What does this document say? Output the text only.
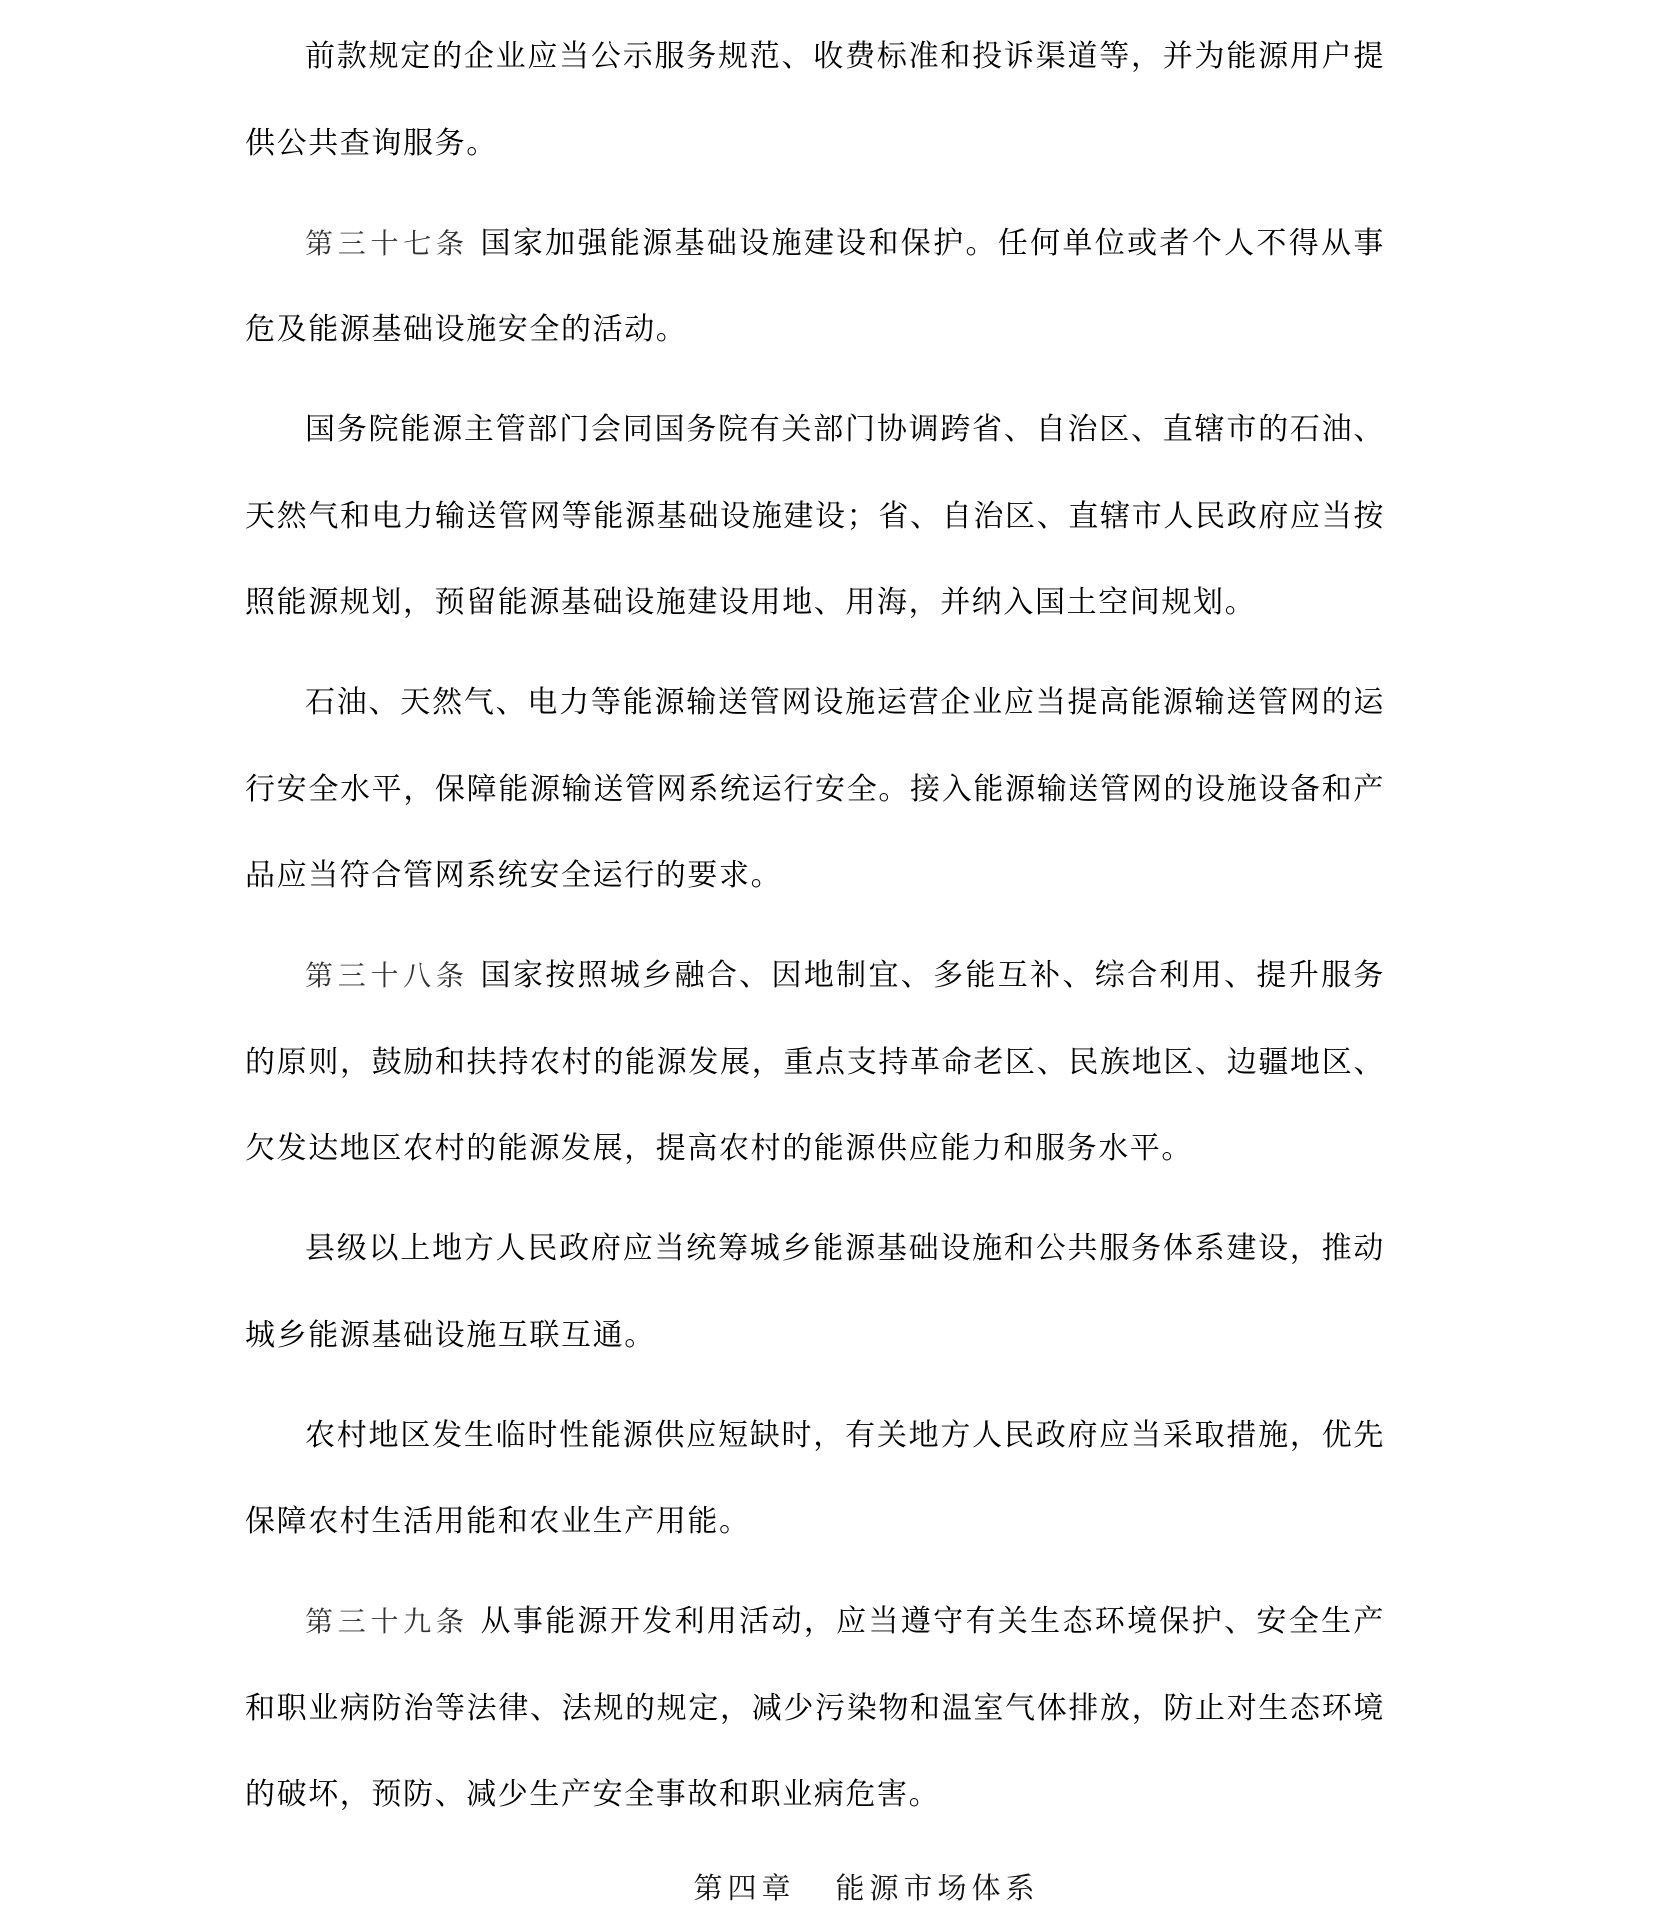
前款规定的企业应当公示服务规范、收费标准和投诉渠道等，并为能源用户提供公共查询服务。

第三十七条 国家加强能源基础设施建设和保护。任何单位或者个人不得从事危及能源基础设施安全的活动。

国务院能源主管部门会同国务院有关部门协调跨省、自治区、直辖市的石油、天然气和电力输送管网等能源基础设施建设；省、自治区、直辖市人民政府应当按照能源规划，预留能源基础设施建设用地、用海，并纳入国土空间规划。

石油、天然气、电力等能源输送管网设施运营企业应当提高能源输送管网的运行安全水平，保障能源输送管网系统运行安全。接入能源输送管网的设施设备和产品应当符合管网系统安全运行的要求。

第三十八条 国家按照城乡融合、因地制宜、多能互补、综合利用、提升服务的原则，鼓励和扶持农村的能源发展，重点支持革命老区、民族地区、边疆地区、欠发达地区农村的能源发展，提高农村的能源供应能力和服务水平。

县级以上地方人民政府应当统筹城乡能源基础设施和公共服务体系建设，推动城乡能源基础设施互联互通。

农村地区发生临时性能源供应短缺时，有关地方人民政府应当采取措施，优先保障农村生活用能和农业生产用能。

第三十九条 从事能源开发利用活动，应当遵守有关生态环境保护、安全生产和职业病防治等法律、法规的规定，减少污染物和温室气体排放，防止对生态环境的破坏，预防、减少生产安全事故和职业病危害。

第四章 能源市场体系
